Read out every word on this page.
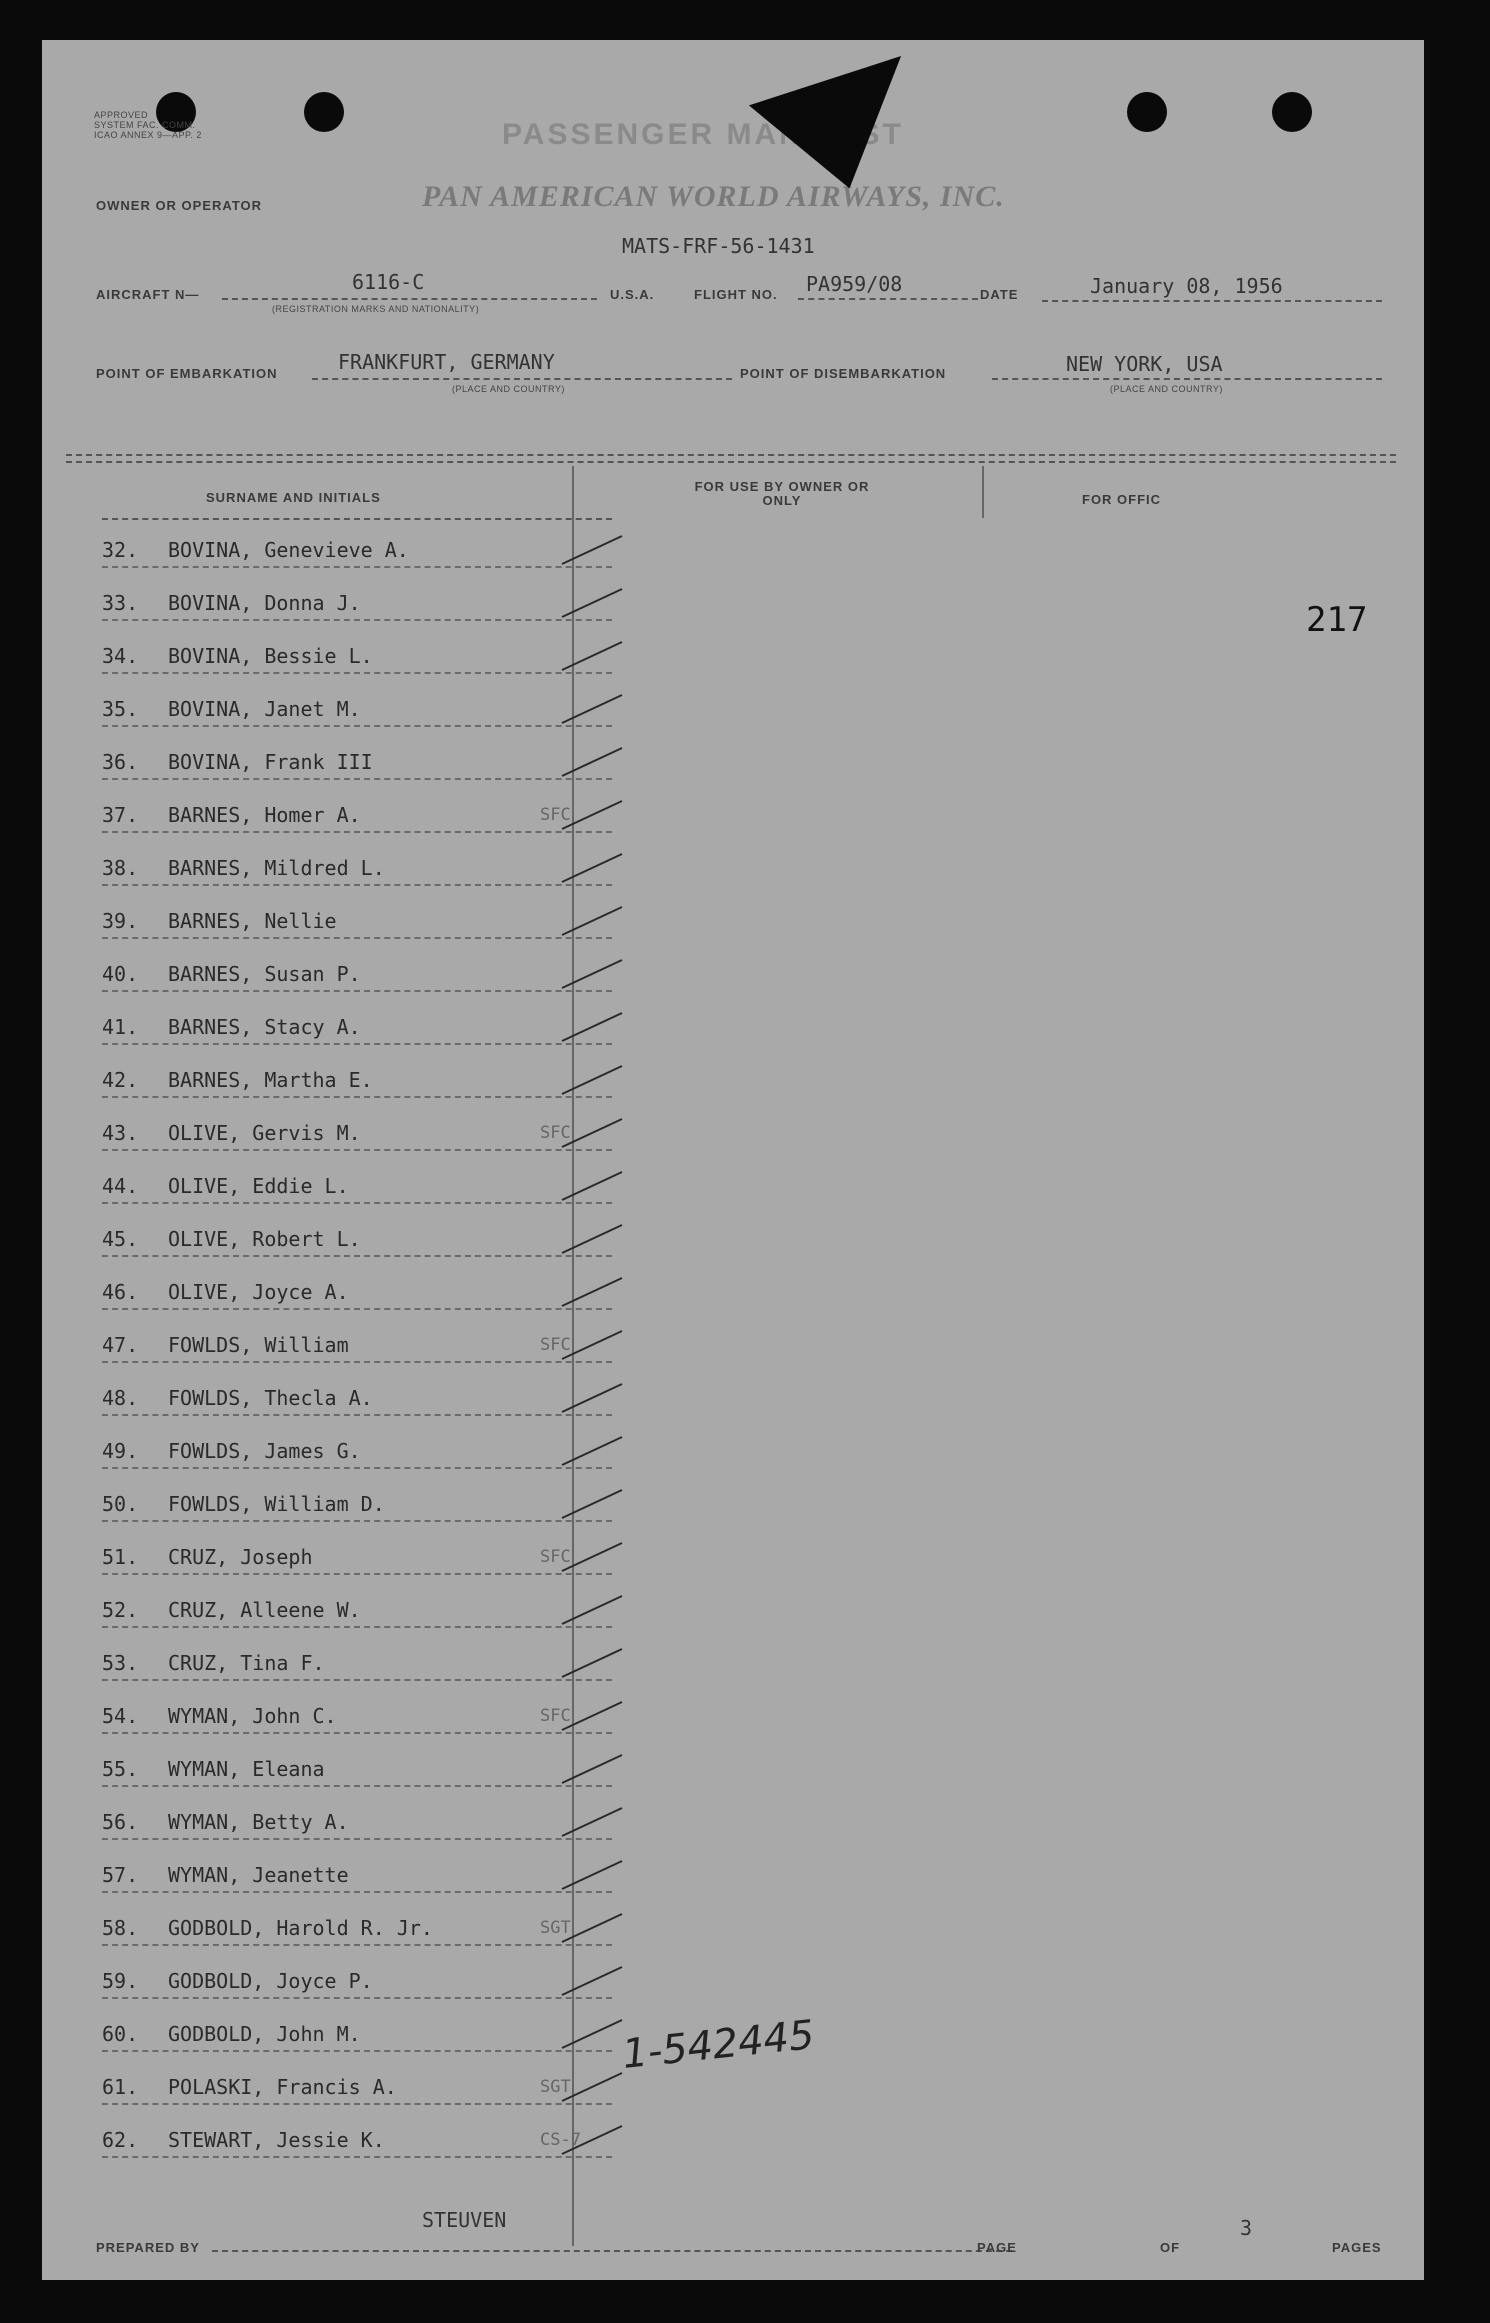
APPROVED
SYSTEM FAC. COMM.
ICAO ANNEX 9—APP. 2	PASSENGER MANIFEST
OWNER OR OPERATOR	PAN AMERICAN WORLD AIRWAYS, INC.
MATS-FRF-56-1431
AIRCRAFT N—
6116-C
(REGISTRATION MARKS AND NATIONALITY)
U.S.A.	FLIGHT NO. PA959/08	DATE	January 08, 1956
POINT OF EMBARKATION	FRANKFURT, GERMANY
(PLACE AND COUNTRY)
POINT OF DISEMBARKATION	NEW YORK, USA
(PLACE AND COUNTRY)
SURNAME AND INITIALS
FOR USE BY OWNER OR ONLY	FOR OFFIC
217
32. BOVINA, Genevieve A.
33. BOVINA, Donna J.
34. BOVINA, Bessie L.
35. BOVINA, Janet M.
36. BOVINA, Frank III
37. BARNES, Homer A.	SFC
38. BARNES, Mildred L.
39. BARNES, Nellie
40. BARNES, Susan P.
41. BARNES, Stacy A.
42. BARNES, Martha E.
43. OLIVE, Gervis M.	SFC
44. OLIVE, Eddie L.
45. OLIVE, Robert L.
46. OLIVE, Joyce A.
47. FOWLDS, William	SFC
48. FOWLDS, Thecla A.
49. FOWLDS, James G.
50. FOWLDS, William D.
51. CRUZ, Joseph	SFC
52. CRUZ, Alleene W.
53. CRUZ, Tina F.
54. WYMAN, John C.	SFC
55. WYMAN, Eleana
56. WYMAN, Betty A.
57. WYMAN, Jeanette
58. GODBOLD, Harold R. Jr.	SGT
59. GODBOLD, Joyce P.
60. GODBOLD, John M.
61. POLASKI, Francis A.	SGT
62. STEWART, Jessie K.	CS-7
1-542445
PREPARED BY
STEUVEN
PAGE
3
OF	PAGES
